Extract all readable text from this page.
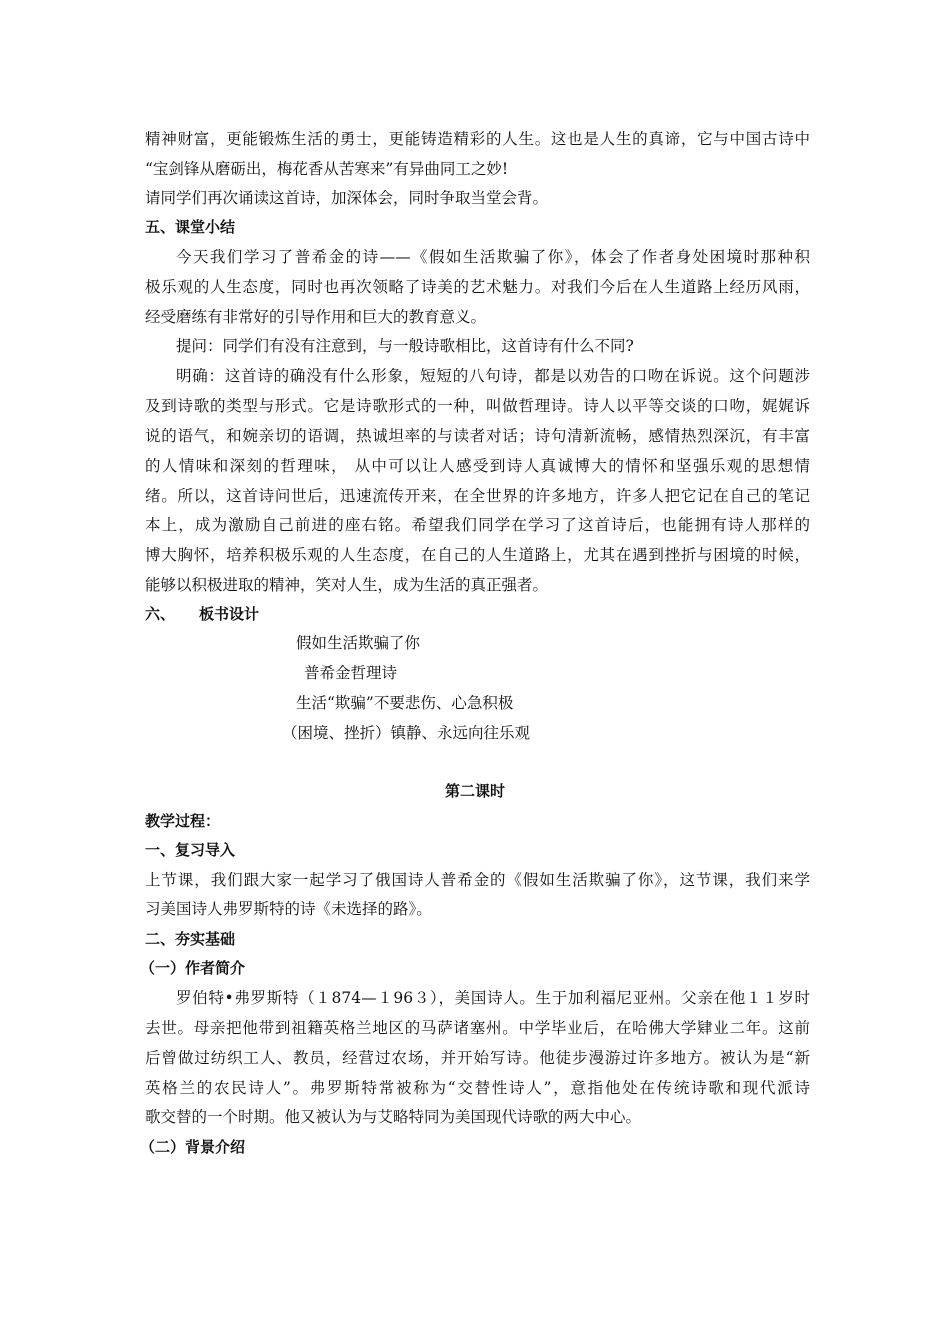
精神财富，更能锻炼生活的勇士，更能铸造精彩的人生。这也是人生的真谛，它与中国古诗中
“宝剑锋从磨砺出，梅花香从苦寒来”有异曲同工之妙!
请同学们再次诵读这首诗，加深体会，同时争取当堂会背。
五、课堂小结
今天我们学习了普希金的诗——《假如生活欺骗了你》，体会了作者身处困境时那种积
极乐观的人生态度，同时也再次领略了诗美的艺术魅力。对我们今后在人生道路上经历风雨，
经受磨练有非常好的引导作用和巨大的教育意义。
提问：同学们有没有注意到，与一般诗歌相比，这首诗有什么不同?
明确：这首诗的确没有什么形象，短短的八句诗，都是以劝告的口吻在诉说。这个问题涉
及到诗歌的类型与形式。它是诗歌形式的一种，叫做哲理诗。诗人以平等交谈的口吻，娓娓诉
说的语气，和婉亲切的语调，热诚坦率的与读者对话；诗句清新流畅，感情热烈深沉，有丰富
的人情味和深刻的哲理味， 从中可以让人感受到诗人真诚博大的情怀和坚强乐观的思想情
绪。所以，这首诗问世后，迅速流传开来，在全世界的许多地方，许多人把它记在自己的笔记
本上，成为激励自己前进的座右铭。希望我们同学在学习了这首诗后，也能拥有诗人那样的
博大胸怀，培养积极乐观的人生态度，在自己的人生道路上，尤其在遇到挫折与困境的时候，
能够以积极进取的精神，笑对人生，成为生活的真正强者。
六、 板书设计
假如生活欺骗了你
普希金哲理诗
生活“欺骗”不要悲伤、心急积极
（困境、挫折）镇静、永远向往乐观
第二课时
教学过程：
一、复习导入
上节课，我们跟大家一起学习了俄国诗人普希金的《假如生活欺骗了你》，这节课，我们来学
习美国诗人弗罗斯特的诗《未选择的路》。
二、夯实基础
（一）作者简介
罗伯特•弗罗斯特（１874—１96３），美国诗人。生于加利福尼亚州。父亲在他１１岁时
去世。母亲把他带到祖籍英格兰地区的马萨诸塞州。中学毕业后，在哈佛大学肄业二年。这前
后曾做过纺织工人、教员，经营过农场，并开始写诗。他徒步漫游过许多地方。被认为是“新
英格兰的农民诗人”。弗罗斯特常被称为“交替性诗人”，意指他处在传统诗歌和现代派诗
歌交替的一个时期。他又被认为与艾略特同为美国现代诗歌的两大中心。
（二）背景介绍
